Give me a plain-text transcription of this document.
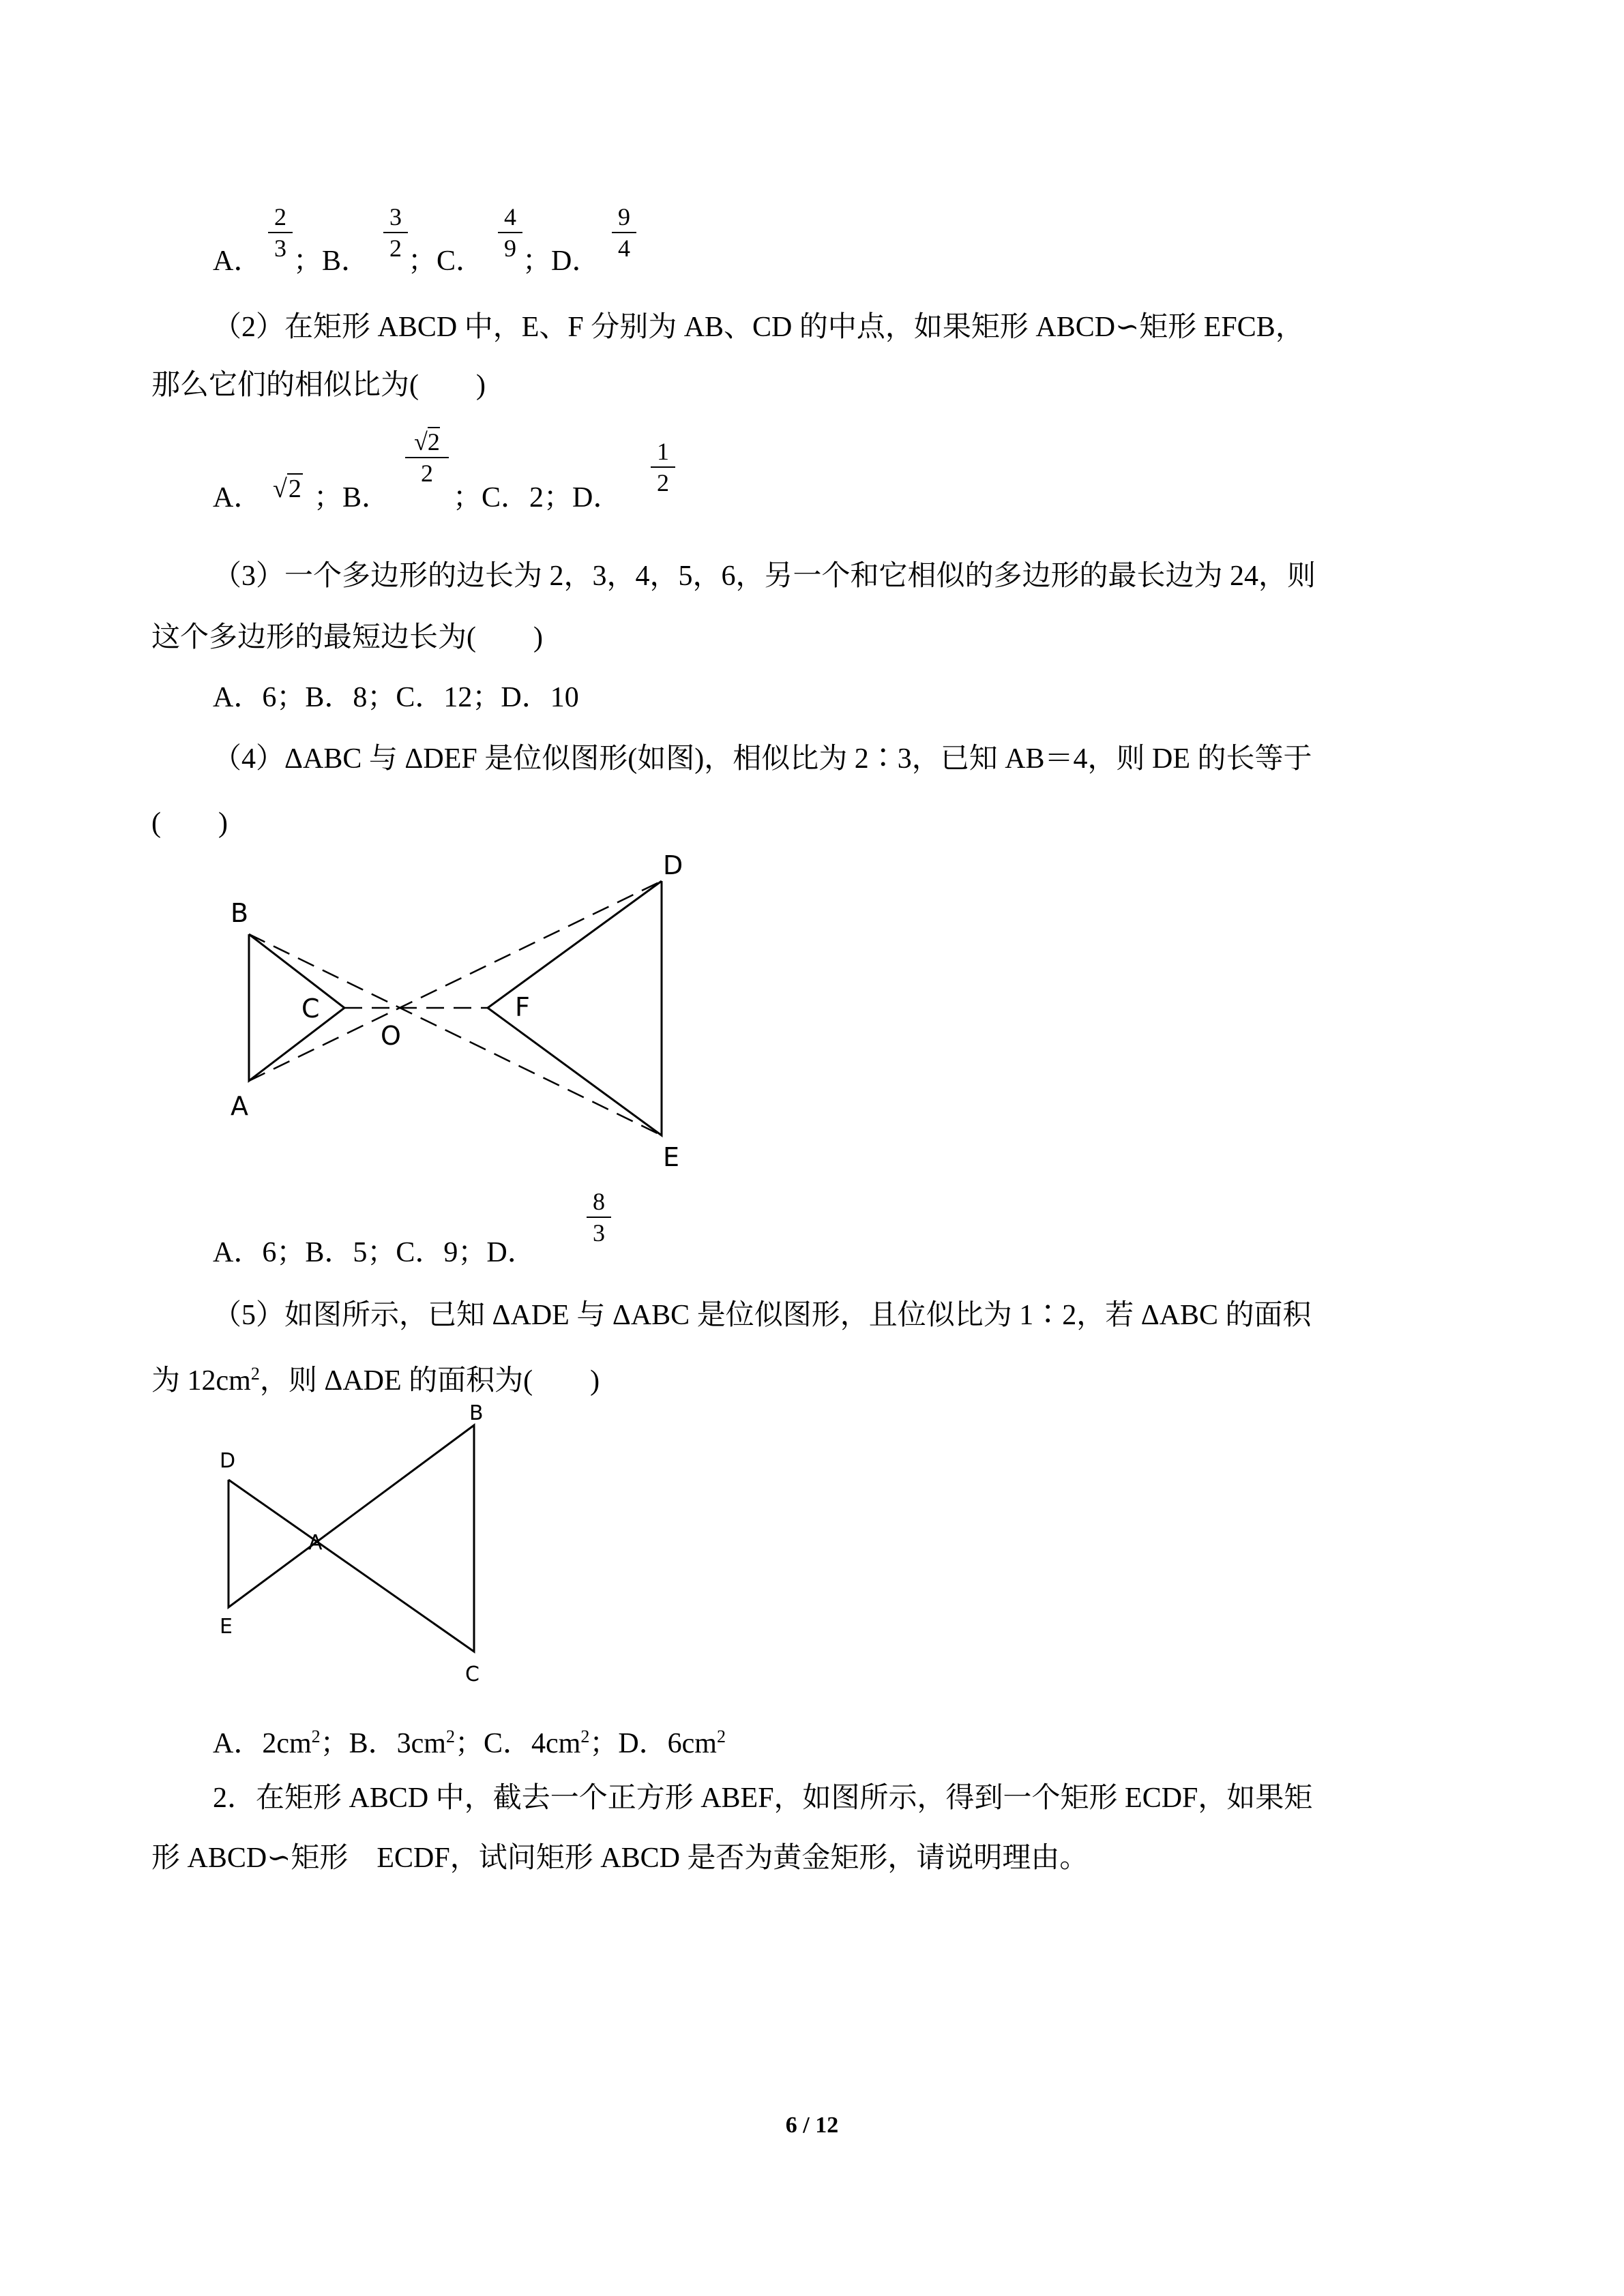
A． $\frac{2}{3}$ ；B． $\frac{3}{2}$ ；C． $\frac{4}{9}$ ；D． $\frac{9}{4}$
（2）在矩形 ABCD 中，E、F 分别为 AB、CD 的中点，如果矩形 ABCD∽矩形 EFCB，
那么它们的相似比为(　　)
A． √2 ；B．
$\frac{√2}{2}$
；C．2；D．
$\frac{1}{2}$
（3）一个多边形的边长为 2，3，4，5，6，另一个和它相似的多边形的最长边为 24，则
这个多边形的最短边长为(　　)
A．6；B．8；C．12；D．10
（4）ΔABC 与 ΔDEF 是位似图形(如图)，相似比为 2∶3，已知 AB＝4，则 DE 的长等于
(　　)
B
A
C
O
F
D
E
A．6；B．5；C．9；D．
$\frac{8}{3}$
（5）如图所示，已知 ΔADE 与 ΔABC 是位似图形，且位似比为 1∶2，若 ΔABC 的面积
为 $12cm^2$，则 ΔADE 的面积为(　　)
D
E
A
B
C
A．$2cm^2$；B．$3cm^2$；C．$4cm^2$；D．$6cm^2$
2．在矩形 ABCD 中，截去一个正方形 ABEF，如图所示，得到一个矩形 ECDF，如果矩
形 ABCD∽矩形　ECDF，试问矩形 ABCD 是否为黄金矩形，请说明理由。
6 / 12
